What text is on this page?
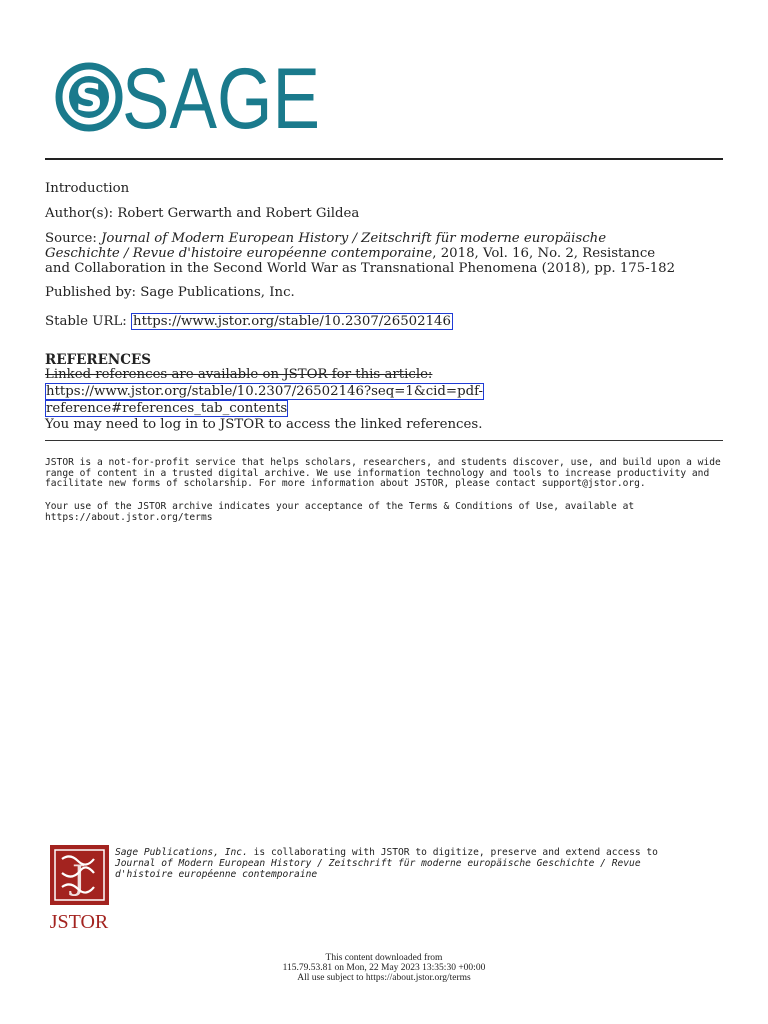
S SAGE
Introduction
Author(s): Robert Gerwarth and Robert Gildea
Source: Journal of Modern European History / Zeitschrift für moderne europäische
Geschichte / Revue d'histoire européenne contemporaine, 2018, Vol. 16, No. 2, Resistance
and Collaboration in the Second World War as Transnational Phenomena (2018), pp. 175-182
Published by: Sage Publications, Inc.
Stable URL: https://www.jstor.org/stable/10.2307/26502146
REFERENCES
Linked references are available on JSTOR for this article:
https://www.jstor.org/stable/10.2307/26502146?seq=1&cid=pdf-
reference#references_tab_contents
You may need to log in to JSTOR to access the linked references.
JSTOR is a not-for-profit service that helps scholars, researchers, and students discover, use, and build upon a wide
range of content in a trusted digital archive. We use information technology and tools to increase productivity and
facilitate new forms of scholarship. For more information about JSTOR, please contact support@jstor.org.
Your use of the JSTOR archive indicates your acceptance of the Terms & Conditions of Use, available at
https://about.jstor.org/terms
J
JSTOR
Sage Publications, Inc. is collaborating with JSTOR to digitize, preserve and extend access to
Journal of Modern European History / Zeitschrift für moderne europäische Geschichte / Revue
d'histoire européenne contemporaine
This content downloaded from
115.79.53.81 on Mon, 22 May 2023 13:35:30 +00:00
All use subject to https://about.jstor.org/terms
